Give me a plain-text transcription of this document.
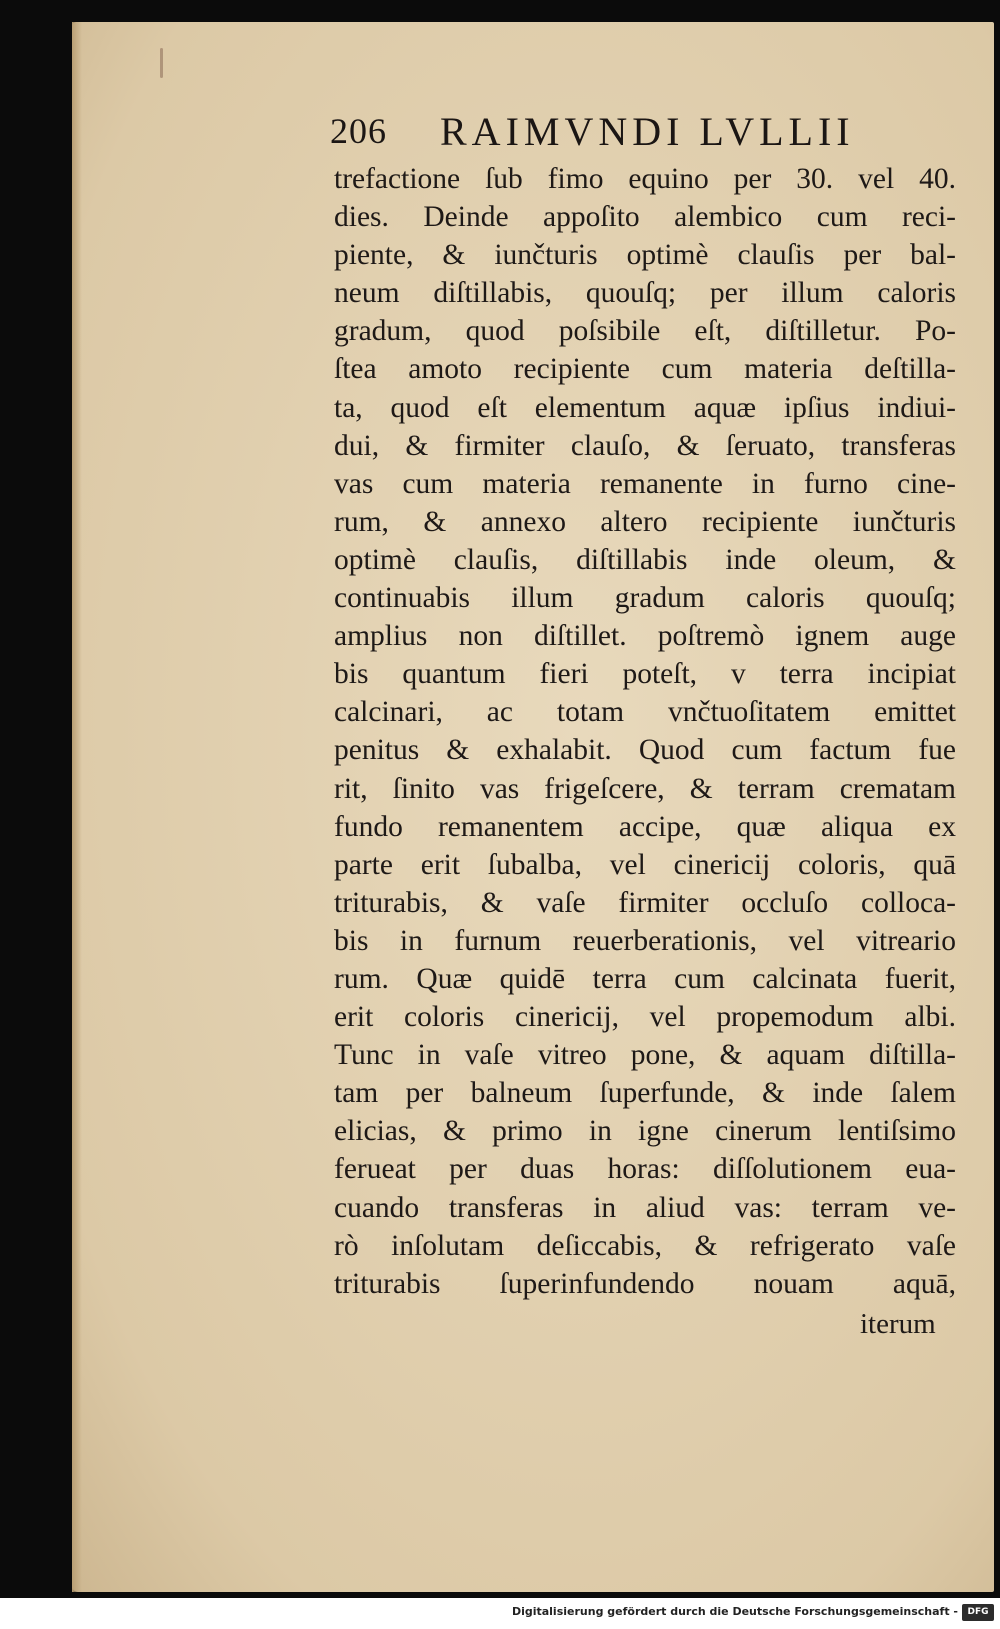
206 RAIMVNDI LVLLII
trefactione ſub fimo equino per 30. vel 40.
dies. Deinde appoſito alembico cum reci-
piente, & iunčturis optimè clauſis per bal-
neum diſtillabis, quouſq; per illum caloris
gradum, quod poſsibile eſt, diſtilletur. Po-
ſtea amoto recipiente cum materia deſtilla-
ta, quod eſt elementum aquæ ipſius indiui-
dui, & firmiter clauſo, & ſeruato, transferas
vas cum materia remanente in furno cine-
rum, & annexo altero recipiente iunčturis
optimè clauſis, diſtillabis inde oleum, &
continuabis illum gradum caloris quouſq;
amplius non diſtillet. poſtremò ignem auge
bis quantum fieri poteſt, v terra incipiat
calcinari, ac totam vnčtuoſitatem emittet
penitus & exhalabit. Quod cum factum fue
rit, ſinito vas frigeſcere, & terram crematam
fundo remanentem accipe, quæ aliqua ex
parte erit ſubalba, vel cinericij coloris, quā
triturabis, & vaſe firmiter occluſo colloca-
bis in furnum reuerberationis, vel vitreario
rum. Quæ quidē terra cum calcinata fuerit,
erit coloris cinericij, vel propemodum albi.
Tunc in vaſe vitreo pone, & aquam diſtilla-
tam per balneum ſuperfunde, & inde ſalem
elicias, & primo in igne cinerum lentiſsimo
ferueat per duas horas: diſſolutionem eua-
cuando transferas in aliud vas: terram ve-
rò inſolutam deſiccabis, & refrigerato vaſe
triturabis ſuperinfundendo nouam aquā,
iterum
Digitalisierung gefördert durch die Deutsche Forschungsgemeinschaft -	DFG
